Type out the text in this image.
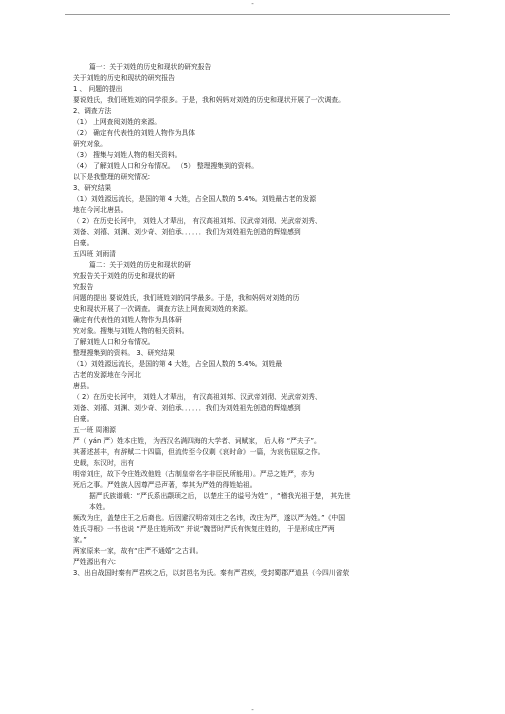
-
篇一：关于刘姓的历史和现状的研究报告
关于刘姓的历史和现状的研究报告
1 、 问题的提出
要说姓氏，我们班姓刘的同学很多。于是，我和妈妈对刘姓的历史和现状开展了一次调查。
2、调查方法
（1） 上网查阅刘姓的来源。
（2） 确定有代表性的刘姓人物作为具体
研究对象。
（3） 搜集与刘姓人物的相关资料。
（4） 了解刘姓人口和分布情况。 （5） 整理搜集到的资料。
以下是我整理的研究情况:
3、研究结果
（1）刘姓源远流长，是国的第 4 大姓，占全国人数的 5.4%。刘姓最古老的发源
地在今河北唐县。
（ 2）在历史长河中， 刘姓人才辈出， 有汉高祖刘邦、汉武帝刘彻、光武帝刘秀、
刘备、刘禧、刘渊、刘少奇、刘伯承．．．．．．我们为刘姓祖先创造的辉煌感到
自豪。
五四班 刘雨清
篇二：关于刘姓的历史和现状的研
究报告关于刘姓的历史和现状的研
究报告
问题的提出 要说姓氏，我们班姓刘的同学最多。于是，我和妈妈对刘姓的历
史和现状开展了一次调查。 调查方法上网查阅刘姓的来源。
确定有代表性的刘姓人物作为具体研
究对象。搜集与刘姓人物的相关资料。
了解刘姓人口和分布情况。
整理搜集到的资料。 3、研究结果
（1）刘姓源远流长，是国的第 4 大姓，占全国人数的 5.4%。刘姓最
古老的发源地在今河北
唐县。
（ 2）在历史长河中， 刘姓人才辈出， 有汉高祖刘邦、汉武帝刘彻、光武帝刘秀、
刘备、刘禧、刘渊、刘少奇、刘伯承．．．．．．我们为刘姓祖先创造的辉煌感到
自豪。
五一班 周湘源
严（ yán 严）姓本庄姓， 为西汉名满四海的大学者、词赋家， 后人称 “严夫子”。
其著述甚丰，有辞赋二十四篇，但流传至今仅剩《哀时命》一篇，为哀伤屈原之作。
史载，东汉时，出有
明帝刘庄，故下令庄姓改他姓（古制皇帝名字非臣民所能用）。严忌之姓严，亦为
死后之事。严姓族人因尊严忌声著，奉其为严姓的得姓始祖。
据严氏族谱载：“严氏系出颛顼之后， 以楚庄王的谥号为姓” ，“稽我光祖于楚， 其先世
本姓。
频改为庄，盖楚庄王之后裔也。后因避汉明帝刘庄之名讳，改庄为严，遂以严为姓。”《中国
姓氏寻根》一书也说 “严是庄姓所改” 并说“魏晋时严氏有恢复庄姓的， 于是形成庄严两
家。”
两家原来一家，故有“庄严不通婚”之古训。
严姓源出有六:
3、出自战国时秦有严君疾之后，以封邑名为氏。秦有严君疾，受封蜀郡严道县（今四川省荥
-
